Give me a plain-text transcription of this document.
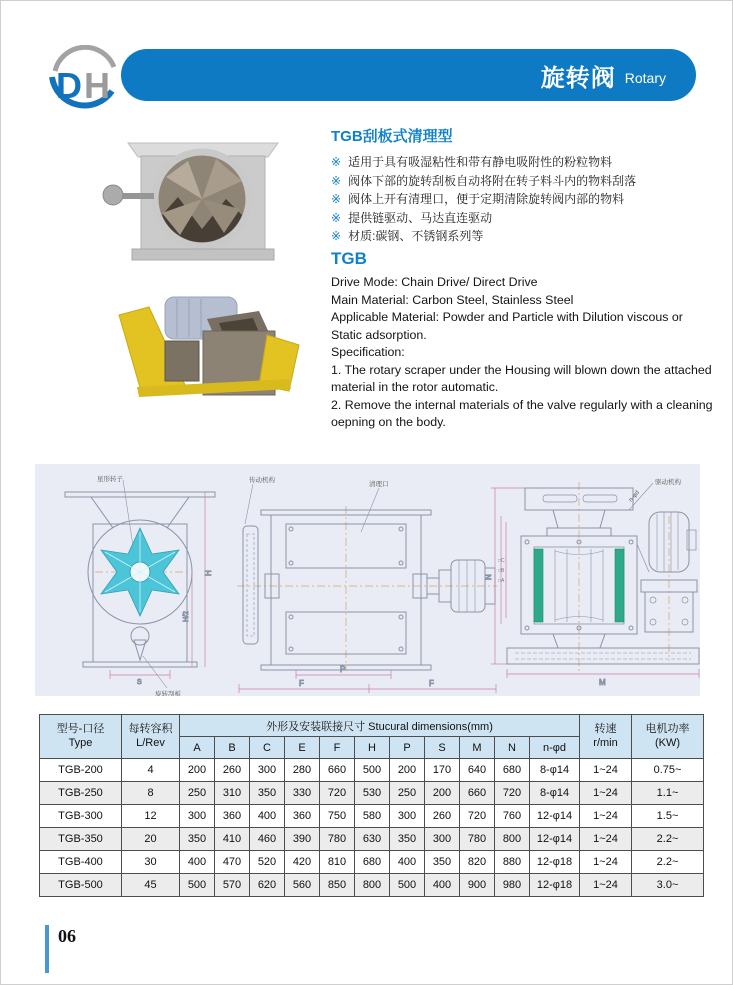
D H	旋转阀 Rotary
TGB刮板式清理型
※ 适用于具有吸湿粘性和带有静电吸附性的粉粒物料
※ 阀体下部的旋转刮板自动将附在转子料斗内的物料刮落
※ 阀体上开有清理口，便于定期清除旋转阀内部的物料
※ 提供链驱动、马达直连驱动
※ 材质:碳钢、不锈钢系列等
TGB
Drive Mode: Chain Drive/ Direct Drive
Main Material: Carbon Steel, Stainless Steel
Applicable Material: Powder and Particle with Dilution viscous or Static adsorption.
Specification:
1. The rotary scraper under the Housing will blown down the attached material in the rotor automatic.
2. Remove the internal materials of the valve regularly with a cleaning oepning on the body.
H
H/2
S
星形转子
旋转刮板
P
F	F
传动机构
清理口
N
M
□C
□B
□A
驱动机构
n-φd
型号-口径
Type

每转容积
L/Rev
	外形及安装联接尺寸 Stucural dimensions(mm)	转速
r/min

电机功率
(KW)

		A	B	C	E	F	H	P	S	M	N	n-φd		
TGB-200	4	200	260	300	280	660	500	200	170	640	680	8-φ14	1~24	0.75~
TGB-250	8	250	310	350	330	720	530	250	200	660	720	8-φ14	1~24	1.1~
TGB-300	12	300	360	400	360	750	580	300	260	720	760	12-φ14	1~24	1.5~
TGB-350	20	350	410	460	390	780	630	350	300	780	800	12-φ14	1~24	2.2~
TGB-400	30	400	470	520	420	810	680	400	350	820	880	12-φ18	1~24	2.2~
TGB-500	45	500	570	620	560	850	800	500	400	900	980	12-φ18	1~24	3.0~
06
